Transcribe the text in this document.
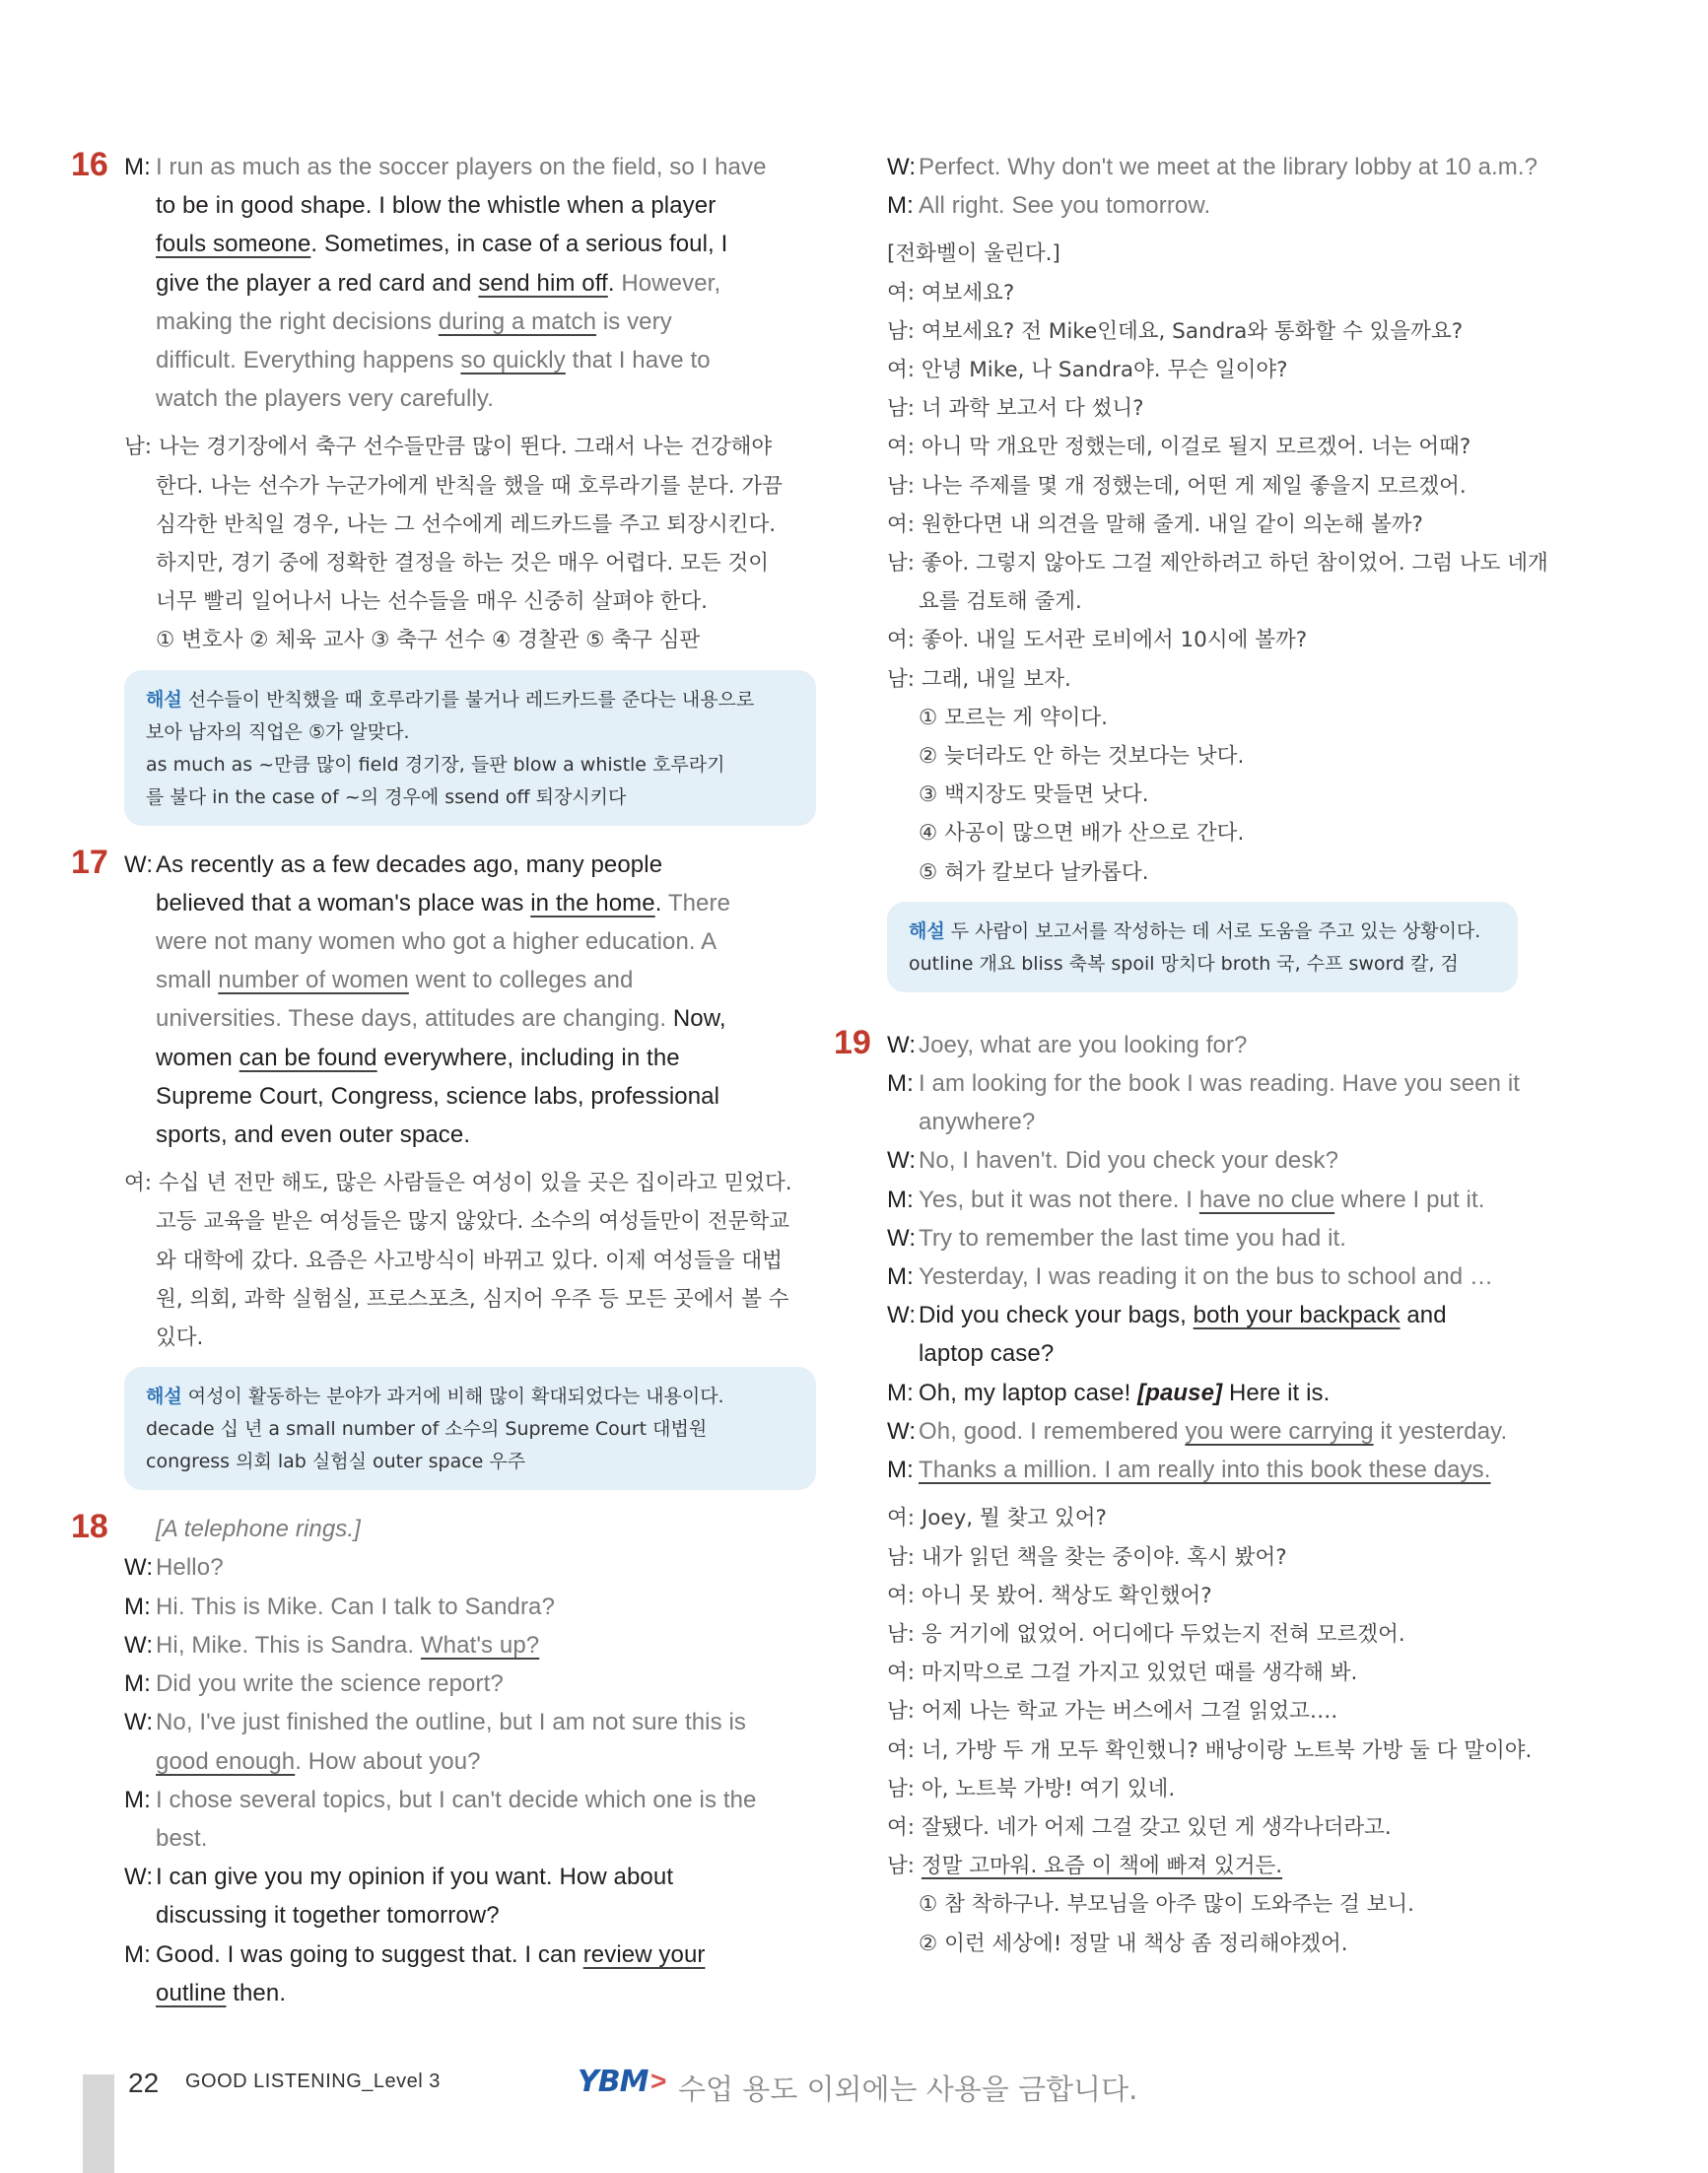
16 M:I run as much as the soccer players on the field, so I have
to be in good shape. I blow the whistle when a player
fouls someone. Sometimes, in case of a serious foul, I
give the player a red card and send him off. However,
making the right decisions during a match is very
difficult. Everything happens so quickly that I have to
watch the players very carefully.
남: 나는 경기장에서 축구 선수들만큼 많이 뛴다. 그래서 나는 건강해야
한다. 나는 선수가 누군가에게 반칙을 했을 때 호루라기를 분다. 가끔
심각한 반칙일 경우, 나는 그 선수에게 레드카드를 주고 퇴장시킨다.
하지만, 경기 중에 정확한 결정을 하는 것은 매우 어렵다. 모든 것이
너무 빨리 일어나서 나는 선수들을 매우 신중히 살펴야 한다.
① 변호사 ② 체육 교사 ③ 축구 선수 ④ 경찰관 ⑤ 축구 심판
해설 선수들이 반칙했을 때 호루라기를 불거나 레드카드를 준다는 내용으로
보아 남자의 직업은 ⑤가 알맞다.
as much as ~만큼 많이 field 경기장, 들판 blow a whistle 호루라기
를 불다 in the case of ~의 경우에 ssend off 퇴장시키다
17 W:As recently as a few decades ago, many people
believed that a woman's place was in the home. There
were not many women who got a higher education. A
small number of women went to colleges and
universities. These days, attitudes are changing. Now,
women can be found everywhere, including in the
Supreme Court, Congress, science labs, professional
sports, and even outer space.
여: 수십 년 전만 해도, 많은 사람들은 여성이 있을 곳은 집이라고 믿었다.
고등 교육을 받은 여성들은 많지 않았다. 소수의 여성들만이 전문학교
와 대학에 갔다. 요즘은 사고방식이 바뀌고 있다. 이제 여성들을 대법
원, 의회, 과학 실험실, 프로스포츠, 심지어 우주 등 모든 곳에서 볼 수
있다.
해설 여성이 활동하는 분야가 과거에 비해 많이 확대되었다는 내용이다.
decade 십 년 a small number of 소수의 Supreme Court 대법원
congress 의회 lab 실험실 outer space 우주
18	[A telephone rings.]
W:Hello?
M:Hi. This is Mike. Can I talk to Sandra?
W:Hi, Mike. This is Sandra. What's up?
M:Did you write the science report?
W:No, I've just finished the outline, but I am not sure this is
good enough. How about you?
M:I chose several topics, but I can't decide which one is the
best.
W:I can give you my opinion if you want. How about
discussing it together tomorrow?
M:Good. I was going to suggest that. I can review your
outline then.
W:Perfect. Why don't we meet at the library lobby at 10 a.m.?
M:All right. See you tomorrow.
[전화벨이 울린다.]
여: 여보세요?
남: 여보세요? 전 Mike인데요, Sandra와 통화할 수 있을까요?
여: 안녕 Mike, 나 Sandra야. 무슨 일이야?
남: 너 과학 보고서 다 썼니?
여: 아니 막 개요만 정했는데, 이걸로 될지 모르겠어. 너는 어때?
남: 나는 주제를 몇 개 정했는데, 어떤 게 제일 좋을지 모르겠어.
여: 원한다면 내 의견을 말해 줄게. 내일 같이 의논해 볼까?
남: 좋아. 그렇지 않아도 그걸 제안하려고 하던 참이었어. 그럼 나도 네개
요를 검토해 줄게.
여: 좋아. 내일 도서관 로비에서 10시에 볼까?
남: 그래, 내일 보자.
① 모르는 게 약이다.
② 늦더라도 안 하는 것보다는 낫다.
③ 백지장도 맞들면 낫다.
④ 사공이 많으면 배가 산으로 간다.
⑤ 혀가 칼보다 날카롭다.
해설 두 사람이 보고서를 작성하는 데 서로 도움을 주고 있는 상황이다.
outline 개요 bliss 축복 spoil 망치다 broth 국, 수프 sword 칼, 검
19 W:Joey, what are you looking for?
M:I am looking for the book I was reading. Have you seen it
anywhere?
W:No, I haven't. Did you check your desk?
M:Yes, but it was not there. I have no clue where I put it.
W:Try to remember the last time you had it.
M:Yesterday, I was reading it on the bus to school and …
W:Did you check your bags, both your backpack and
laptop case?
M:Oh, my laptop case! [pause] Here it is.
W:Oh, good. I remembered you were carrying it yesterday.
M:Thanks a million. I am really into this book these days.
여: Joey, 뭘 찾고 있어?
남: 내가 읽던 책을 찾는 중이야. 혹시 봤어?
여: 아니 못 봤어. 책상도 확인했어?
남: 응 거기에 없었어. 어디에다 두었는지 전혀 모르겠어.
여: 마지막으로 그걸 가지고 있었던 때를 생각해 봐.
남: 어제 나는 학교 가는 버스에서 그걸 읽었고….
여: 너, 가방 두 개 모두 확인했니? 배낭이랑 노트북 가방 둘 다 말이야.
남: 아, 노트북 가방! 여기 있네.
여: 잘됐다. 네가 어제 그걸 갖고 있던 게 생각나더라고.
남: 정말 고마워. 요즘 이 책에 빠져 있거든.
① 참 착하구나. 부모님을 아주 많이 도와주는 걸 보니.
② 이런 세상에! 정말 내 책상 좀 정리해야겠어.
22 GOOD LISTENING_Level 3	YBM > 수업 용도 이외에는 사용을 금합니다.
